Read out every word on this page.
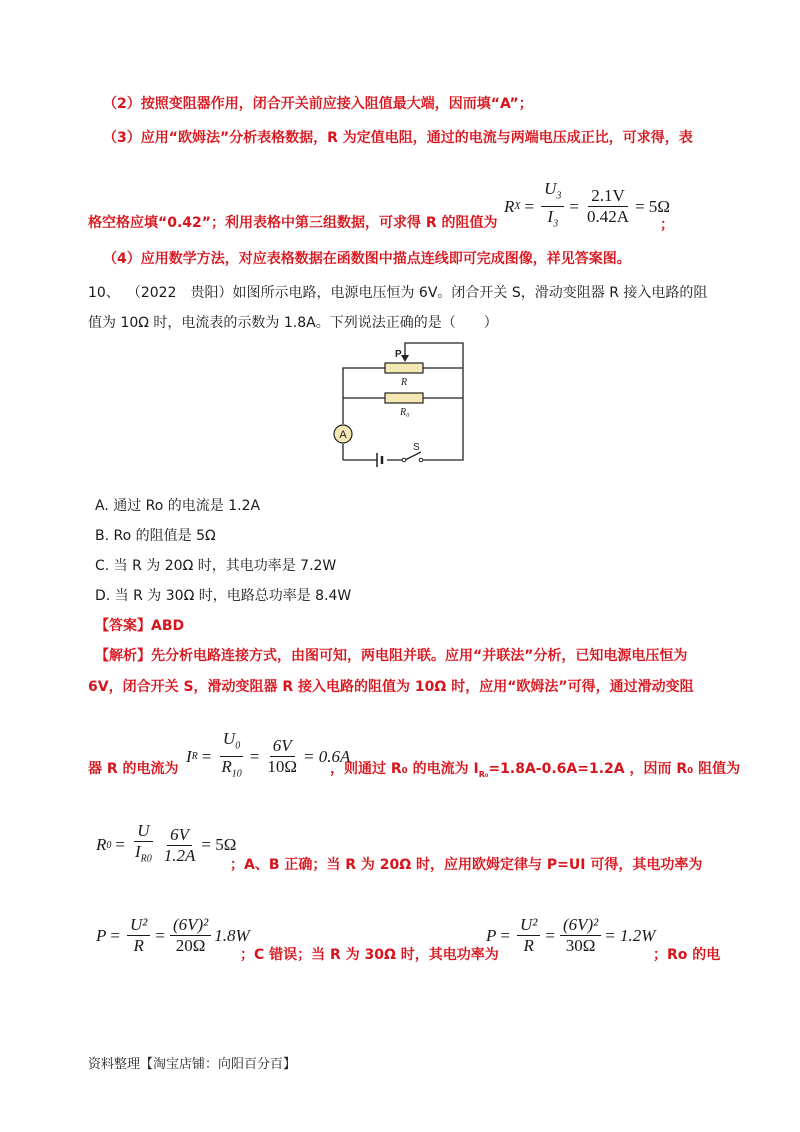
（2）按照变阻器作用，闭合开关前应接入阻值最大端，因而填“A”；
（3）应用“欧姆法”分析表格数据，R 为定值电阻，通过的电流与两端电压成正比，可求得，表
R $X = \frac{U_3}{I_3} = \frac{2.1V}{0.42A} = 5\Omega$
格空格应填“0.42”；利用表格中第三组数据，可求得 R 的阻值为	；
（4）应用数学方法，对应表格数据在函数图中描点连线即可完成图像，祥见答案图。
10、 （2022　贵阳）如图所示电路，电源电压恒为 6V。闭合开关 S，滑动变阻器 R 接入电路的阻
值为 10Ω 时，电流表的示数为 1.8A。下列说法正确的是（　　）
A
P
R
R₀
S
A. 通过 Ro 的电流是 1.2A
B. Ro 的阻值是 5Ω
C. 当 R 为 20Ω 时，其电功率是 7.2W
D. 当 R 为 30Ω 时，电路总功率是 8.4W
【答案】ABD
【解析】先分析电路连接方式，由图可知，两电阻并联。应用“并联法”分析，已知电源电压恒为
6V，闭合开关 S，滑动变阻器 R 接入电路的阻值为 10Ω 时，应用“欧姆法”可得，通过滑动变阻
I $R = \frac{U_0}{R_{10}} = \frac{6V}{10\Omega} = 0.6A$
器 R 的电流为	，则通过 R₀ 的电流为 $I_{R_0}=1.8A-0.6A=1.2A$ ，因而 R₀ 阻值为
R $0 = \frac{U}{I_{R0}} \frac{6V}{1.2A} = 5\Omega$
；A、B 正确；当 R 为 20Ω 时，应用欧姆定律与 P=UI 可得，其电功率为
$P = \frac{\text{U²}}{R} = \frac{\text{(6V)²}}{20\Omega} 1.8W$
；C 错误；当 R 为 30Ω 时，其电功率为
$P = \frac{\text{U²}}{R} = \frac{\text{(6V)²}}{30\Omega} = 1.2W$
；Ro 的电
资料整理【淘宝店铺：向阳百分百】
